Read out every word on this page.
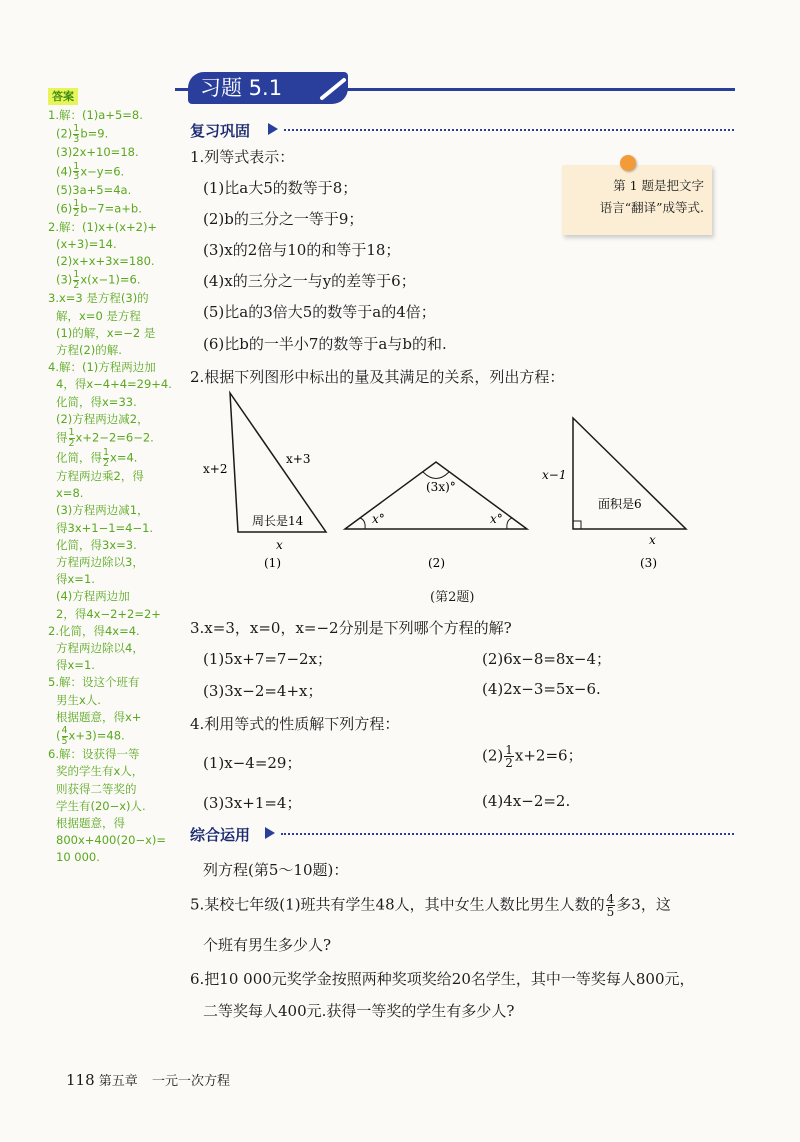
答案
1.解：(1)a+5=8.
$(2) \frac{1}{3} b=9$.
(3)2x+10=18.
$(4) \frac{1}{3} x-y=6$.
(5)3a+5=4a.
$(6) \frac{1}{2} b-7=a+b$.
2.解：(1)x+(x+2)+
(x+3)=14.
(2)x+x+3x=180.
$(3) \frac{1}{2} x(x-1)=6$.
3.x=3 是方程(3)的
解，x=0 是方程
(1)的解，x=−2 是
方程(2)的解.
4.解：(1)方程两边加
4，得x−4+4=29+4.
化简，得x=33.
(2)方程两边减2，
得 $\frac{1}{2} x+2-2=6-2$.
化简，得 $\frac{1}{2} x=4$.
方程两边乘2，得
x=8.
(3)方程两边减1，
得3x+1−1=4−1.
化简，得3x=3.
方程两边除以3，
得x=1.
(4)方程两边加
2，得4x−2+2=2+
2.化简，得4x=4.
方程两边除以4，
得x=1.
5.解：设这个班有
男生x人.
根据题意，得x+
( $\frac{4}{5} x+3)=48$.
6.解：设获得一等
奖的学生有x人，
则获得二等奖的
学生有(20−x)人.
根据题意，得
800x+400(20−x)=
10 000.
习题 5.1
复习巩固
1.列等式表示：
(1)比a大5的数等于8；
(2)b的三分之一等于9；
(3)x的2倍与10的和等于18；
(4)x的三分之一与y的差等于6；
(5)比a的3倍大5的数等于a的4倍；
(6)比b的一半小7的数等于a与b的和.
第 1 题是把文字
语言“翻译”成等式.
2.根据下列图形中标出的量及其满足的关系，列出方程：
x+2
x+3
x
周长是14
(1)
(3x)°
x°	x°
(2)
x−1
x
面积是6
(3)
(第2题)
3.x=3，x=0，x=−2分别是下列哪个方程的解?
(1)5x+7=7−2x；	(2)6x−8=8x−4；
(3)3x−2=4+x；	(4)2x−3=5x−6.
4.利用等式的性质解下列方程：
(1)x−4=29；	$(2) \frac{1}{2} x+2=6$；
(3)3x+1=4；	(4)4x−2=2.
综合运用
列方程(第5～10题)：
5.某校七年级(1)班共有学生48人，其中女生人数比男生人数的 $\frac{4}{5}$ 多3，这
个班有男生多少人?
6.把10 000元奖学金按照两种奖项奖给20名学生，其中一等奖每人800元，
二等奖每人400元.获得一等奖的学生有多少人?
118 第五章 一元一次方程
